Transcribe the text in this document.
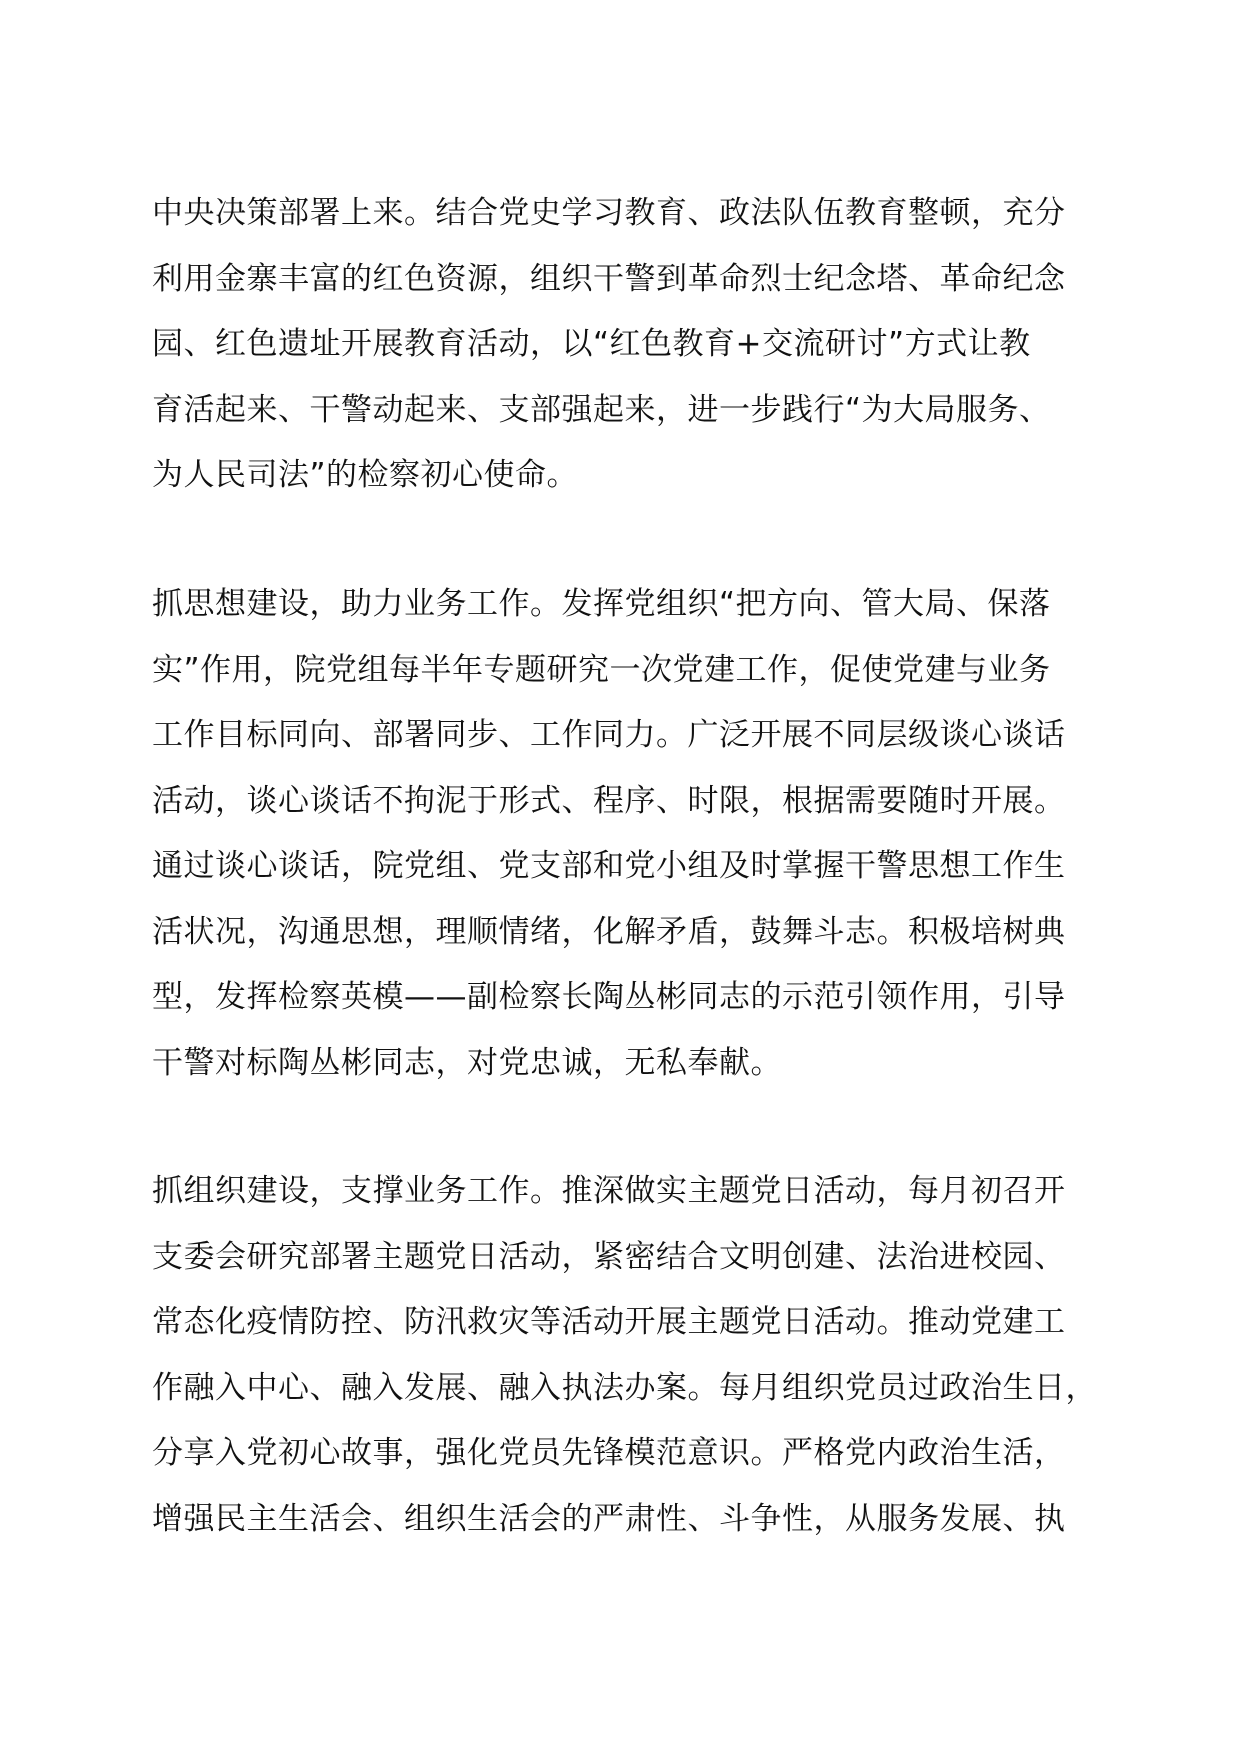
中央决策部署上来。结合党史学习教育、政法队伍教育整顿，充分
利用金寨丰富的红色资源，组织干警到革命烈士纪念塔、革命纪念
园、红色遗址开展教育活动，以“红色教育+交流研讨”方式让教
育活起来、干警动起来、支部强起来，进一步践行“为大局服务、
为人民司法”的检察初心使命。

抓思想建设，助力业务工作。发挥党组织“把方向、管大局、保落
实”作用，院党组每半年专题研究一次党建工作，促使党建与业务
工作目标同向、部署同步、工作同力。广泛开展不同层级谈心谈话
活动，谈心谈话不拘泥于形式、程序、时限，根据需要随时开展。
通过谈心谈话，院党组、党支部和党小组及时掌握干警思想工作生
活状况，沟通思想，理顺情绪，化解矛盾，鼓舞斗志。积极培树典
型，发挥检察英模——副检察长陶丛彬同志的示范引领作用，引导
干警对标陶丛彬同志，对党忠诚，无私奉献。

抓组织建设，支撑业务工作。推深做实主题党日活动，每月初召开
支委会研究部署主题党日活动，紧密结合文明创建、法治进校园、
常态化疫情防控、防汛救灾等活动开展主题党日活动。推动党建工
作融入中心、融入发展、融入执法办案。每月组织党员过政治生日，
分享入党初心故事，强化党员先锋模范意识。严格党内政治生活，
增强民主生活会、组织生活会的严肃性、斗争性，从服务发展、执
